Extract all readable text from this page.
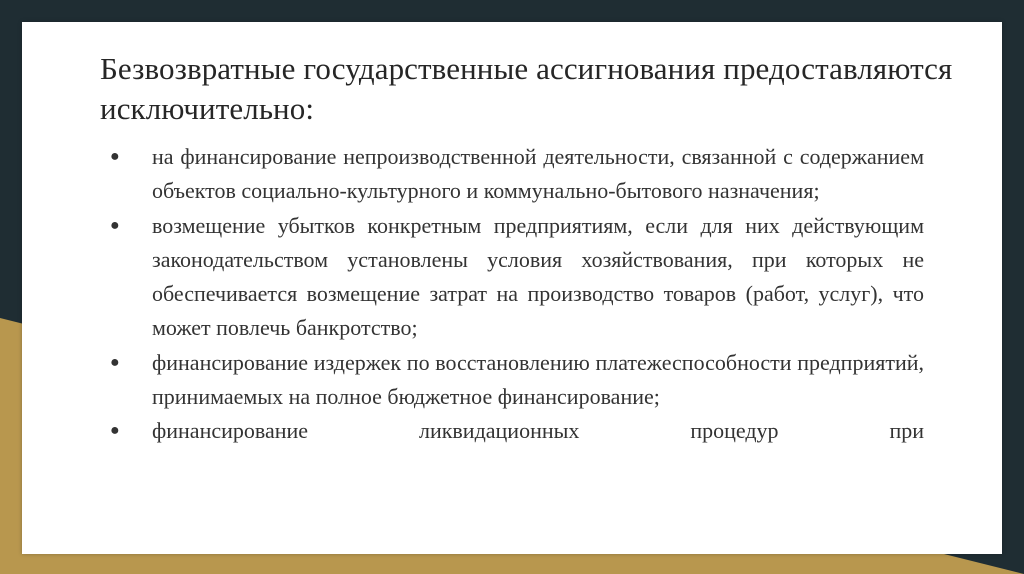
Безвозвратные государственные ассигнования предоставляются исключительно:
● на финансирование непроизводственной деятельности, связанной с содержанием объектов социально-культурного и коммунально-бытового назначения;
● возмещение убытков конкретным предприятиям, если для них действующим законодательством установлены условия хозяйствования, при которых не обеспечивается возмещение затрат на производство товаров (работ, услуг), что может повлечь банкротство;
● финансирование издержек по восстановлению платежеспособности предприятий, принимаемых на полное бюджетное финансирование;
● финансирование ликвидационных процедур при
